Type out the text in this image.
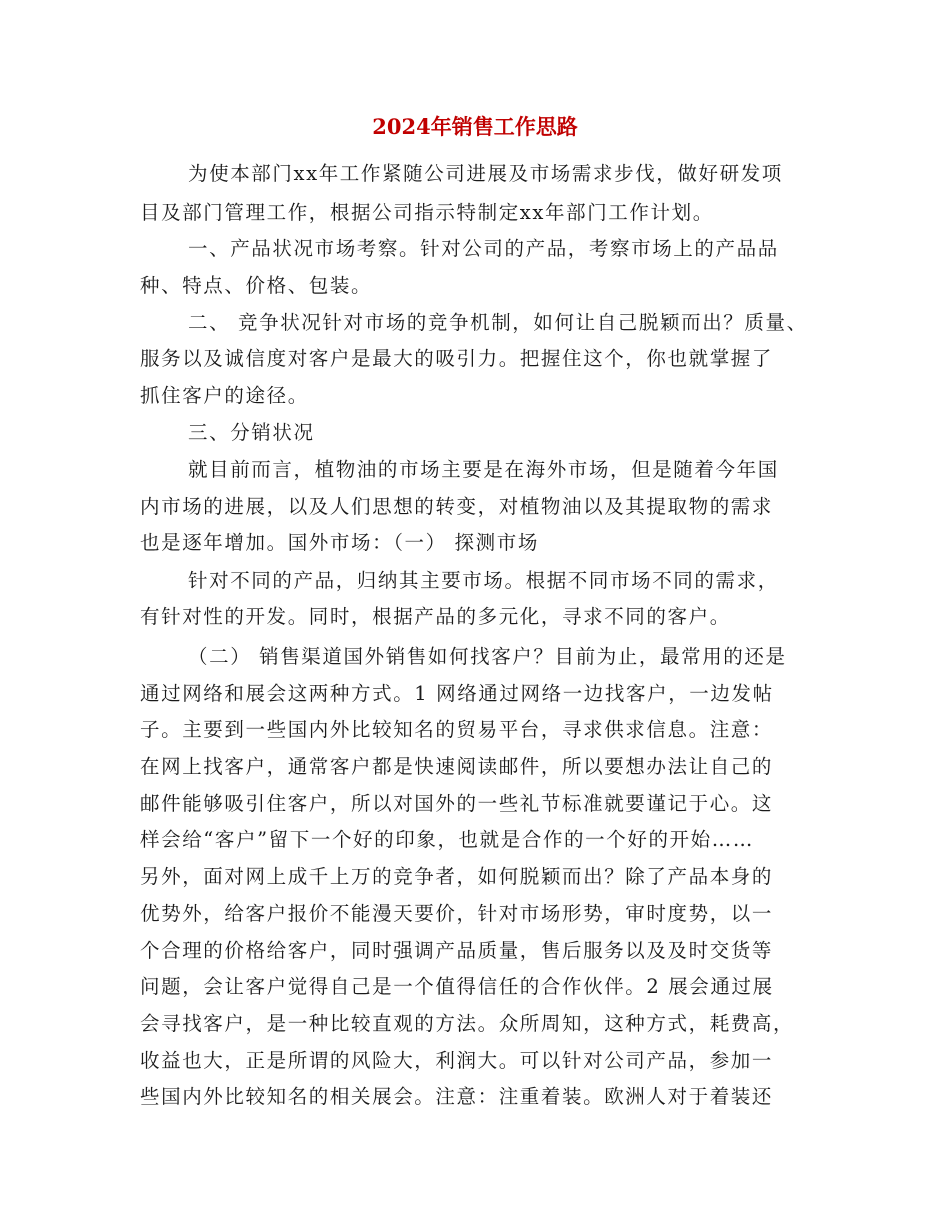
2024年销售工作思路
为使本部门xx年工作紧随公司进展及市场需求步伐，做好研发项
目及部门管理工作，根据公司指示特制定xx年部门工作计划。
一、产品状况市场考察。针对公司的产品，考察市场上的产品品
种、特点、价格、包装。
二、 竞争状况针对市场的竞争机制，如何让自己脱颖而出？质量、
服务以及诚信度对客户是最大的吸引力。把握住这个，你也就掌握了
抓住客户的途径。
三、分销状况
就目前而言，植物油的市场主要是在海外市场，但是随着今年国
内市场的进展，以及人们思想的转变，对植物油以及其提取物的需求
也是逐年增加。国外市场：（一） 探测市场
针对不同的产品，归纳其主要市场。根据不同市场不同的需求，
有针对性的开发。同时，根据产品的多元化，寻求不同的客户。
（二） 销售渠道国外销售如何找客户？目前为止，最常用的还是
通过网络和展会这两种方式。1 网络通过网络一边找客户，一边发帖
子。主要到一些国内外比较知名的贸易平台，寻求供求信息。注意：
在网上找客户，通常客户都是快速阅读邮件，所以要想办法让自己的
邮件能够吸引住客户，所以对国外的一些礼节标准就要谨记于心。这
样会给“客户”留下一个好的印象，也就是合作的一个好的开始……
另外，面对网上成千上万的竞争者，如何脱颖而出？除了产品本身的
优势外，给客户报价不能漫天要价，针对市场形势，审时度势，以一
个合理的价格给客户，同时强调产品质量，售后服务以及及时交货等
问题，会让客户觉得自己是一个值得信任的合作伙伴。2 展会通过展
会寻找客户，是一种比较直观的方法。众所周知，这种方式，耗费高，
收益也大，正是所谓的风险大，利润大。可以针对公司产品，参加一
些国内外比较知名的相关展会。注意：注重着装。欧洲人对于着装还
